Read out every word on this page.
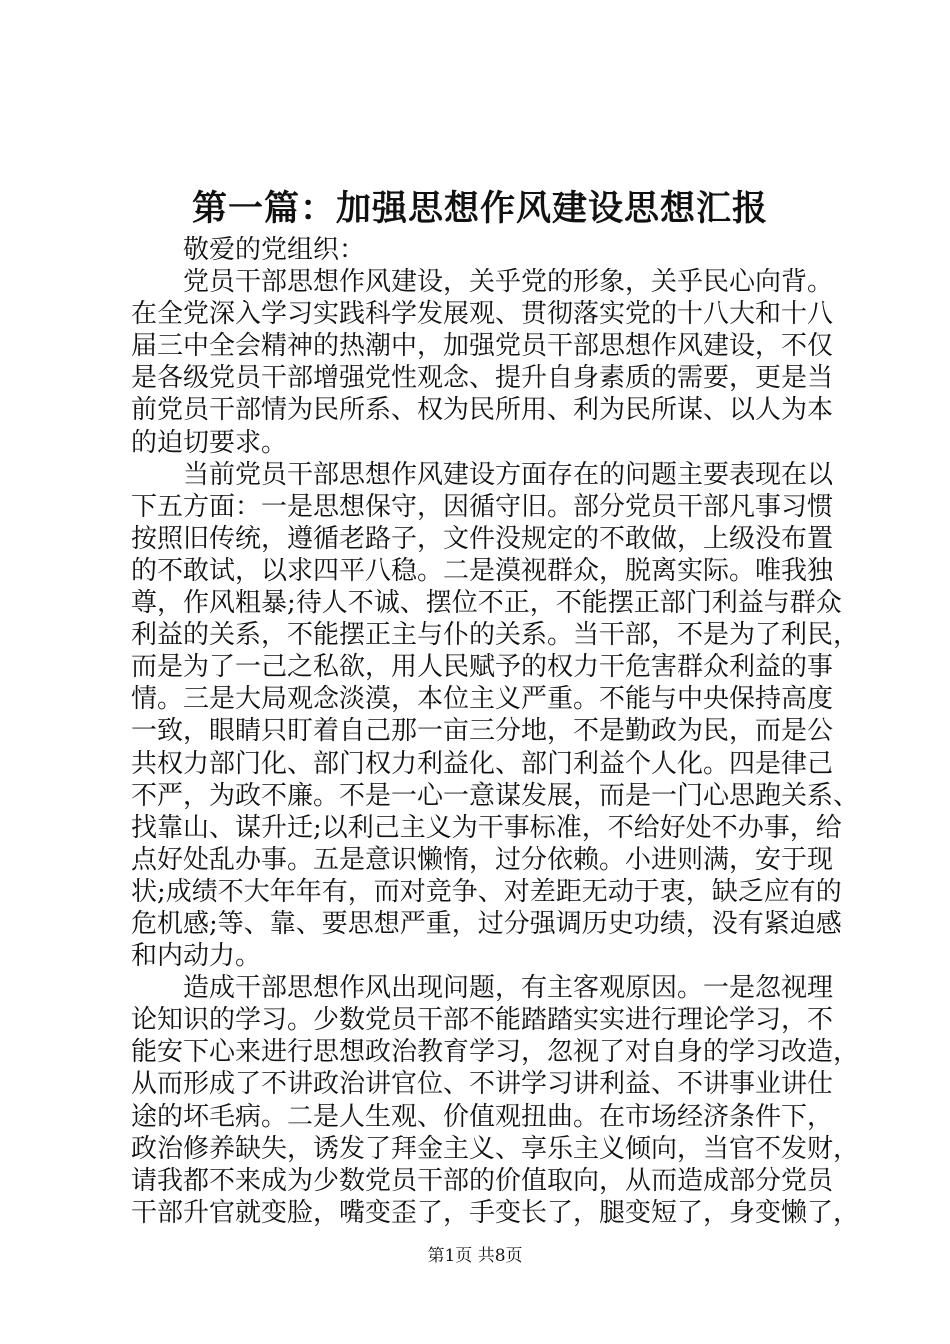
第一篇：加强思想作风建设思想汇报
敬爱的党组织：
党员干部思想作风建设，关乎党的形象，关乎民心向背。
在全党深入学习实践科学发展观、贯彻落实党的十八大和十八
届三中全会精神的热潮中，加强党员干部思想作风建设，不仅
是各级党员干部增强党性观念、提升自身素质的需要，更是当
前党员干部情为民所系、权为民所用、利为民所谋、以人为本
的迫切要求。
当前党员干部思想作风建设方面存在的问题主要表现在以
下五方面：一是思想保守，因循守旧。部分党员干部凡事习惯
按照旧传统，遵循老路子，文件没规定的不敢做，上级没布置
的不敢试，以求四平八稳。二是漠视群众，脱离实际。唯我独
尊，作风粗暴;待人不诚、摆位不正，不能摆正部门利益与群众
利益的关系，不能摆正主与仆的关系。当干部，不是为了利民，
而是为了一己之私欲，用人民赋予的权力干危害群众利益的事
情。三是大局观念淡漠，本位主义严重。不能与中央保持高度
一致，眼睛只盯着自己那一亩三分地，不是勤政为民，而是公
共权力部门化、部门权力利益化、部门利益个人化。四是律己
不严，为政不廉。不是一心一意谋发展，而是一门心思跑关系、
找靠山、谋升迁;以利己主义为干事标准，不给好处不办事，给
点好处乱办事。五是意识懒惰，过分依赖。小进则满，安于现
状;成绩不大年年有，而对竞争、对差距无动于衷，缺乏应有的
危机感;等、靠、要思想严重，过分强调历史功绩，没有紧迫感
和内动力。
造成干部思想作风出现问题，有主客观原因。一是忽视理
论知识的学习。少数党员干部不能踏踏实实进行理论学习，不
能安下心来进行思想政治教育学习，忽视了对自身的学习改造，
从而形成了不讲政治讲官位、不讲学习讲利益、不讲事业讲仕
途的坏毛病。二是人生观、价值观扭曲。在市场经济条件下，
政治修养缺失，诱发了拜金主义、享乐主义倾向，当官不发财，
请我都不来成为少数党员干部的价值取向，从而造成部分党员
干部升官就变脸，嘴变歪了，手变长了，腿变短了，身变懒了，
第1页 共8页
